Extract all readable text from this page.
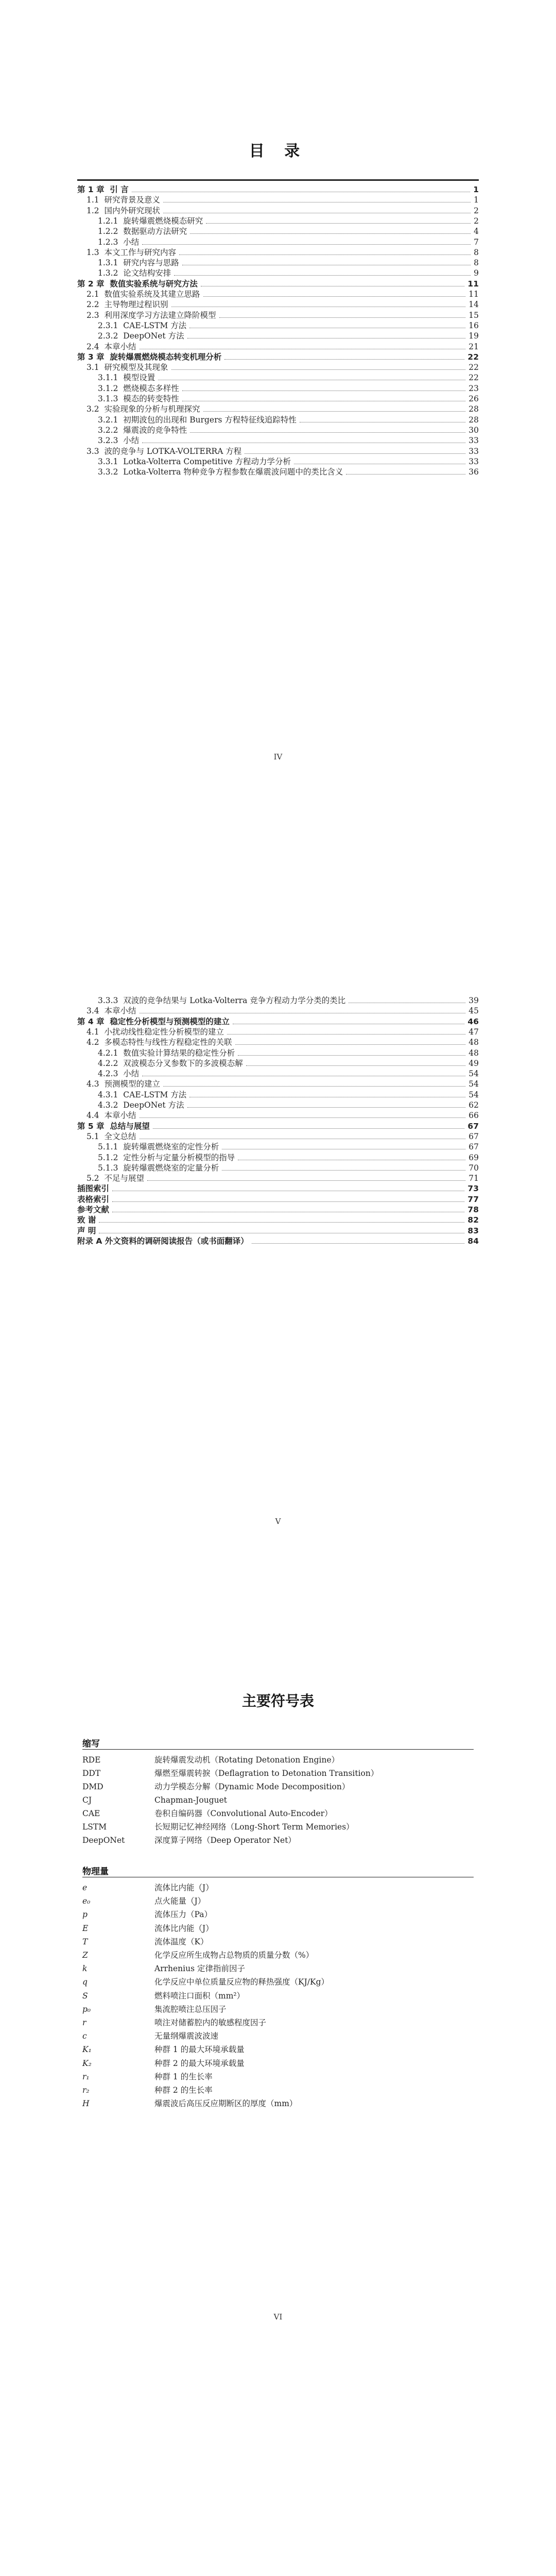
目 录
第 1 章 引 言	1
1.1 研究背景及意义	1
1.2 国内外研究现状	2
1.2.1 旋转爆震燃烧模态研究	2
1.2.2 数据驱动方法研究	4
1.2.3 小结	7
1.3 本文工作与研究内容	8
1.3.1 研究内容与思路	8
1.3.2 论文结构安排	9
第 2 章 数值实验系统与研究方法	11
2.1 数值实验系统及其建立思路	11
2.2 主导物理过程识别	14
2.3 利用深度学习方法建立降阶模型	15
2.3.1 CAE-LSTM 方法	16
2.3.2 DeepONet 方法	19
2.4 本章小结	21
第 3 章 旋转爆震燃烧模态转变机理分析	22
3.1 研究模型及其现象	22
3.1.1 模型设置	22
3.1.2 燃烧模态多样性	23
3.1.3 模态的转变特性	26
3.2 实验现象的分析与机理探究	28
3.2.1 初期波包的出现和 Burgers 方程特征线追踪特性	28
3.2.2 爆震波的竞争特性	30
3.2.3 小结	33
3.3 波的竞争与 LOTKA-VOLTERRA 方程	33
3.3.1 Lotka-Volterra Competitive 方程动力学分析	33
3.3.2 Lotka-Volterra 物种竞争方程参数在爆震波问题中的类比含义	36
IV
3.3.3 双波的竞争结果与 Lotka-Volterra 竞争方程动力学分类的类比	39
3.4 本章小结	45
第 4 章 稳定性分析模型与预测模型的建立	46
4.1 小扰动线性稳定性分析模型的建立	47
4.2 多模态特性与线性方程稳定性的关联	48
4.2.1 数值实验计算结果的稳定性分析	48
4.2.2 双波模态分叉参数下的多波模态解	49
4.2.3 小结	54
4.3 预测模型的建立	54
4.3.1 CAE-LSTM 方法	54
4.3.2 DeepONet 方法	62
4.4 本章小结	66
第 5 章 总结与展望	67
5.1 全文总结	67
5.1.1 旋转爆震燃烧室的定性分析	67
5.1.2 定性分析与定量分析模型的指导	69
5.1.3 旋转爆震燃烧室的定量分析	70
5.2 不足与展望	71
插图索引	73
表格索引	77
参考文献	78
致 谢	82
声 明	83
附录 A 外文资料的调研阅读报告（或书面翻译）	84
V
主要符号表
缩写
RDE	旋转爆震发动机（Rotating Detonation Engine）
DDT	爆燃至爆震转捩（Deflagration to Detonation Transition）
DMD	动力学模态分解（Dynamic Mode Decomposition）
CJ	Chapman-Jouguet
CAE	卷积自编码器（Convolutional Auto-Encoder）
LSTM	长短期记忆神经网络（Long-Short Term Memories）
DeepONet	深度算子网络（Deep Operator Net）
物理量
e	流体比内能（J）
e₀	点火能量（J）
p	流体压力（Pa）
E	流体比内能（J）
T	流体温度（K）
Z	化学反应所生成物占总物质的质量分数（%）
k	Arrhenius 定律指前因子
q	化学反应中单位质量反应物的释热强度（KJ/Kg）
S	燃料喷注口面积（mm²）
p₀	集流腔喷注总压因子
r	喷注对储蓄腔内的敏感程度因子
c	无量纲爆震波波速
K₁	种群 1 的最大环境承载量
K₂	种群 2 的最大环境承载量
r₁	种群 1 的生长率
r₂	种群 2 的生长率
H	爆震波后高压反应期断区的厚度（mm）
VI
